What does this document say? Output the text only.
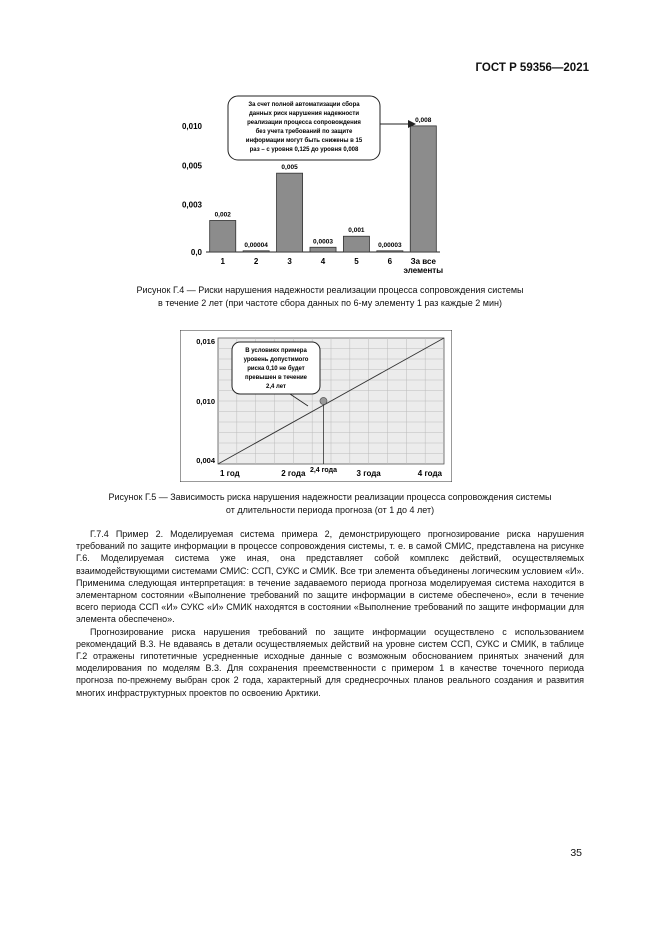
ГОСТ Р 59356—2021
0,010
0,005
0,003
0,0
0,002
0,00004
0,005
0,0003
0,001
0,00003
0,008
1	2	3	4	5	6	За все элементы
За счет полной автоматизации сбора данных риск нарушения надежности реализации процесса сопровождения без учета требований по защите информации могут быть снижены в 15 раз – с уровня 0,125 до уровня 0,008
Рисунок Г.4 — Риски нарушения надежности реализации процесса сопровождения системы
в течение 2 лет (при частоте сбора данных по 6-му элементу 1 раз каждые 2 мин)
0,016
0,010
0,004
1 год	2 года	3 года	4 года
В условиях примера уровень допустимого риска 0,10 не будет превышен в течение 2,4 лет
2,4 года
Рисунок Г.5 — Зависимость риска нарушения надежности реализации процесса сопровождения системы
от длительности периода прогноза (от 1 до 4 лет)

Г.7.4 Пример 2. Моделируемая система примера 2, демонстрирующего прогнозирование риска нарушения требований по защите информации в процессе сопровождения системы, т. е. в самой СМИС, представлена на рисунке Г.6. Моделируемая система уже иная, она представляет собой комплекс действий, осуществляемых взаимодействующими системами СМИС: ССП, СУКС и СМИК. Все три элемента объединены логическим условием «И». Применима следующая интерпретация: в течение задаваемого периода прогноза моделируемая система находится в элементарном состоянии «Выполнение требований по защите информации в системе обеспечено», если в течение всего периода ССП «И» СУКС «И» СМИК находятся в состоянии «Выполнение требований по защите информации для элемента обеспечено».

Прогнозирование риска нарушения требований по защите информации осуществлено с использованием рекомендаций В.3. Не вдаваясь в детали осуществляемых действий на уровне систем ССП, СУКС и СМИК, в таблице Г.2 отражены гипотетичные усредненные исходные данные с возможным обоснованием принятых значений для моделирования по моделям В.3. Для сохранения преемственности с примером 1 в качестве точечного периода прогноза по-прежнему выбран срок 2 года, характерный для среднесрочных планов реального создания и развития многих инфраструктурных проектов по освоению Арктики.

35
